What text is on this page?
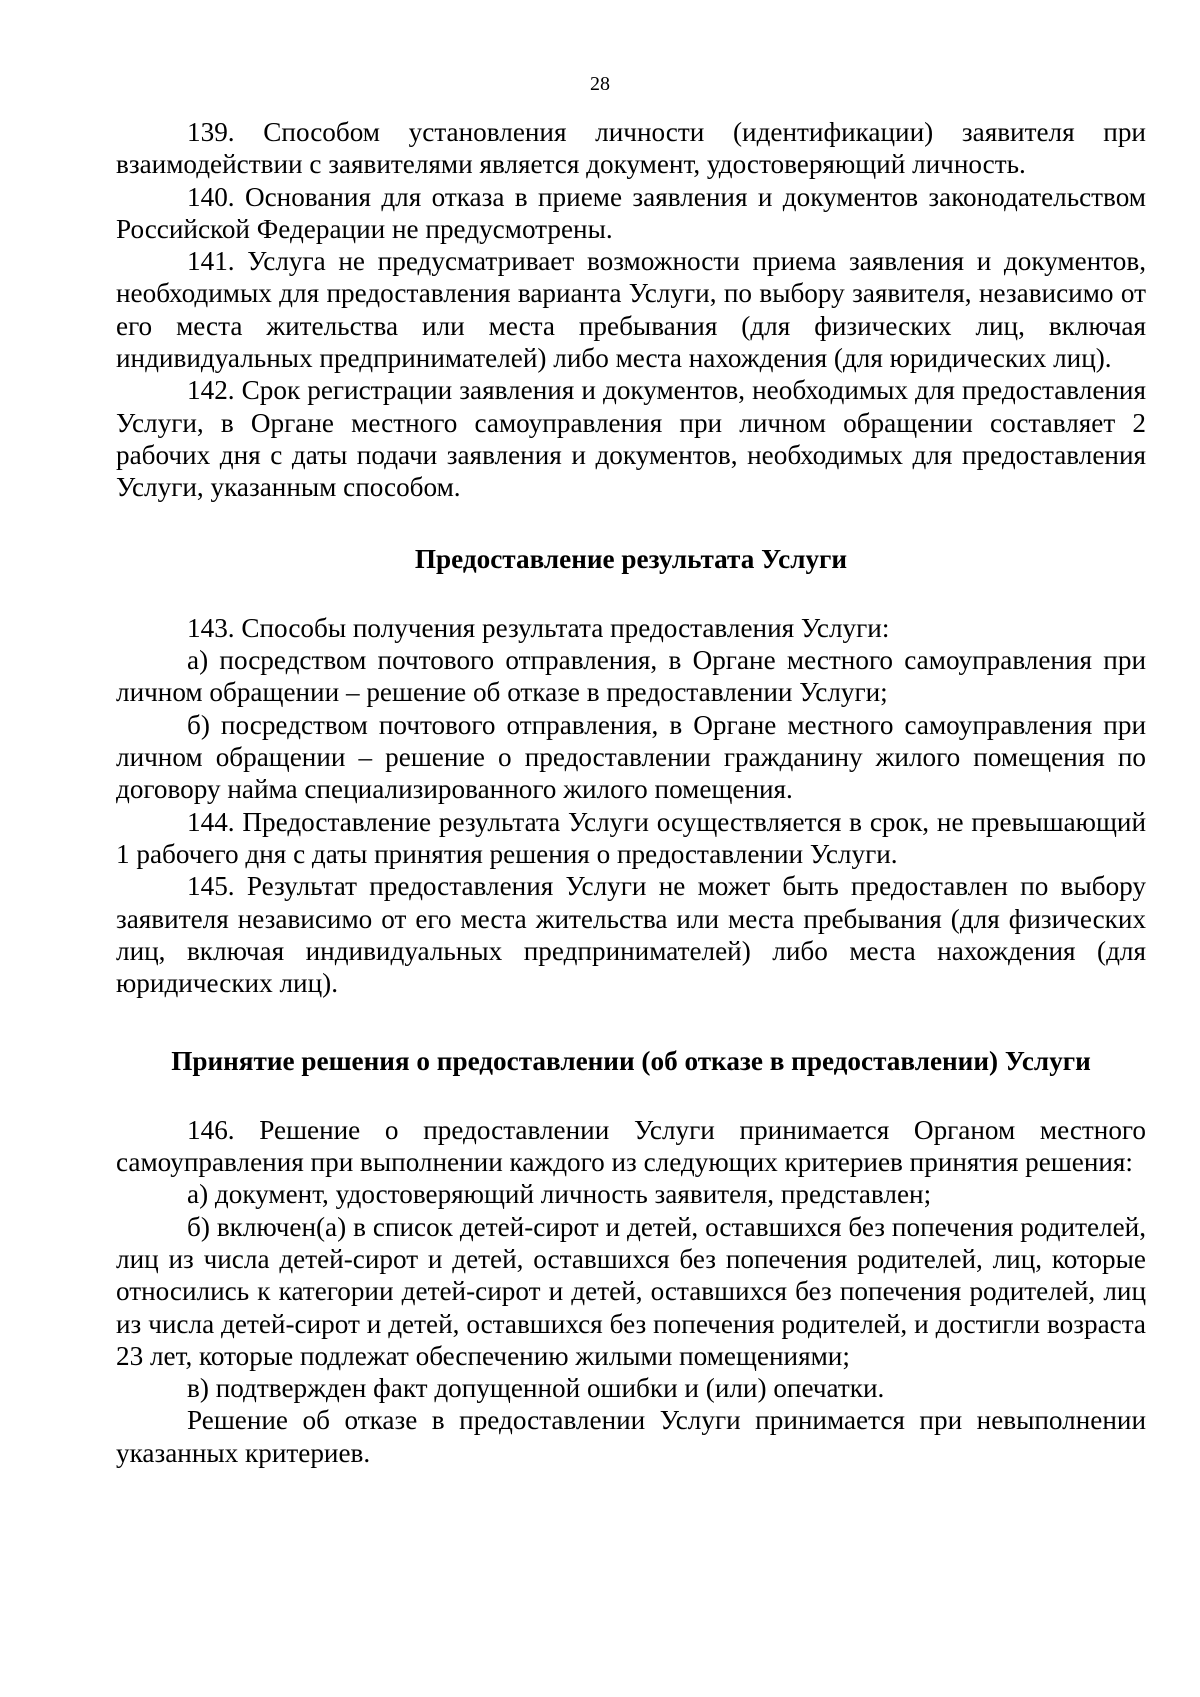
28

139. Способом установления личности (идентификации) заявителя при взаимодействии с заявителями является документ, удостоверяющий личность.

140. Основания для отказа в приеме заявления и документов законодательством Российской Федерации не предусмотрены.

141. Услуга не предусматривает возможности приема заявления и документов, необходимых для предоставления варианта Услуги, по выбору заявителя, независимо от его места жительства или места пребывания (для физических лиц, включая индивидуальных предпринимателей) либо места нахождения (для юридических лиц).

142. Срок регистрации заявления и документов, необходимых для предоставления Услуги, в Органе местного самоуправления при личном обращении составляет 2 рабочих дня с даты подачи заявления и документов, необходимых для предоставления Услуги, указанным способом.

Предоставление результата Услуги

143. Способы получения результата предоставления Услуги:

а) посредством почтового отправления, в Органе местного самоуправления при личном обращении – решение об отказе в предоставлении Услуги;

б) посредством почтового отправления, в Органе местного самоуправления при личном обращении – решение о предоставлении гражданину жилого помещения по договору найма специализированного жилого помещения.

144. Предоставление результата Услуги осуществляется в срок, не превышающий 1 рабочего дня с даты принятия решения о предоставлении Услуги.

145. Результат предоставления Услуги не может быть предоставлен по выбору заявителя независимо от его места жительства или места пребывания (для физических лиц, включая индивидуальных предпринимателей) либо места нахождения (для юридических лиц).

Принятие решения о предоставлении (об отказе в предоставлении) Услуги

146. Решение о предоставлении Услуги принимается Органом местного самоуправления при выполнении каждого из следующих критериев принятия решения:

а) документ, удостоверяющий личность заявителя, представлен;

б) включен(а) в список детей-сирот и детей, оставшихся без попечения родителей, лиц из числа детей-сирот и детей, оставшихся без попечения родителей, лиц, которые относились к категории детей-сирот и детей, оставшихся без попечения родителей, лиц из числа детей-сирот и детей, оставшихся без попечения родителей, и достигли возраста 23 лет, которые подлежат обеспечению жилыми помещениями;

в) подтвержден факт допущенной ошибки и (или) опечатки.

Решение об отказе в предоставлении Услуги принимается при невыполнении указанных критериев.
